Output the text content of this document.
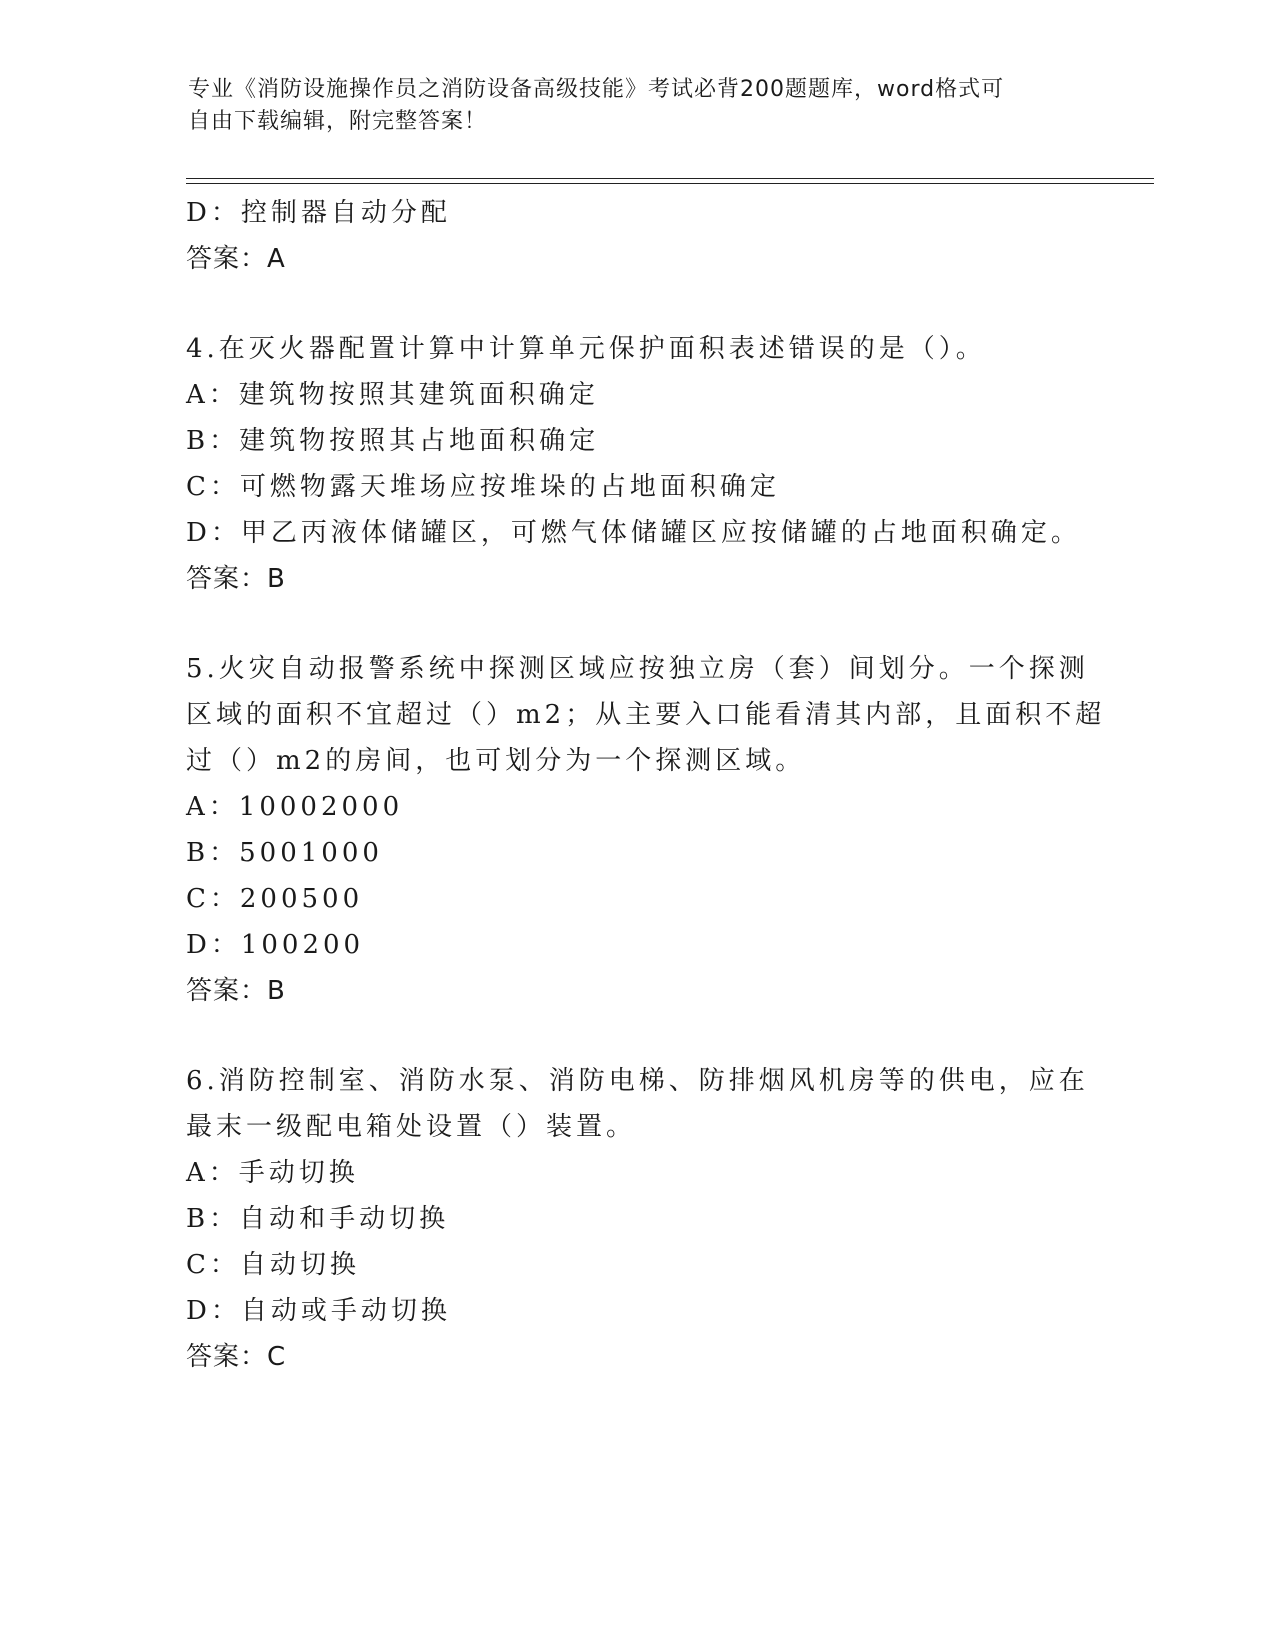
专业《消防设施操作员之消防设备高级技能》考试必背200题题库，word格式可
自由下载编辑，附完整答案！
D：控制器自动分配
答案：A
4.在灭火器配置计算中计算单元保护面积表述错误的是（）。
A：建筑物按照其建筑面积确定
B：建筑物按照其占地面积确定
C：可燃物露天堆场应按堆垛的占地面积确定
D：甲乙丙液体储罐区，可燃气体储罐区应按储罐的占地面积确定。
答案：B
5.火灾自动报警系统中探测区域应按独立房（套）间划分。一个探测
区域的面积不宜超过（）m2；从主要入口能看清其内部，且面积不超
过（）m2的房间，也可划分为一个探测区域。
A：10002000
B：5001000
C：200500
D：100200
答案：B
6.消防控制室、消防水泵、消防电梯、防排烟风机房等的供电，应在
最末一级配电箱处设置（）装置。
A：手动切换
B：自动和手动切换
C：自动切换
D：自动或手动切换
答案：C
